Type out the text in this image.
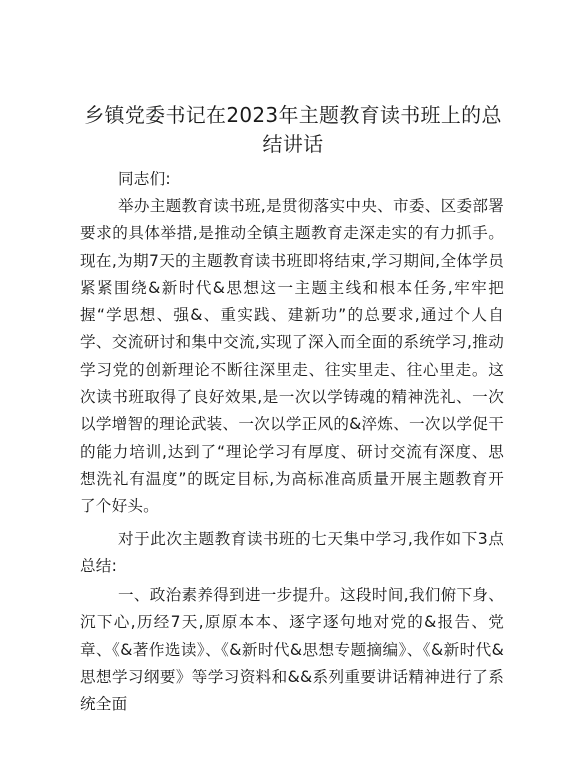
乡镇党委书记在2023年主题教育读书班上的总结讲话

同志们:

举办主题教育读书班,是贯彻落实中央、市委、区委部署要求的具体举措,是推动全镇主题教育走深走实的有力抓手。现在,为期7天的主题教育读书班即将结束,学习期间,全体学员紧紧围绕&新时代&思想这一主题主线和根本任务,牢牢把握“学思想、强&、重实践、建新功”的总要求,通过个人自学、交流研讨和集中交流,实现了深入而全面的系统学习,推动学习党的创新理论不断往深里走、往实里走、往心里走。这次读书班取得了良好效果,是一次以学铸魂的精神洗礼、一次以学增智的理论武装、一次以学正风的&淬炼、一次以学促干的能力培训,达到了“理论学习有厚度、研讨交流有深度、思想洗礼有温度”的既定目标,为高标准高质量开展主题教育开了个好头。

对于此次主题教育读书班的七天集中学习,我作如下3点总结:

一、政治素养得到进一步提升。这段时间,我们俯下身、沉下心,历经7天,原原本本、逐字逐句地对党的&报告、党章、《&著作选读》、《&新时代&思想专题摘编》、《&新时代&思想学习纲要》等学习资料和&&系列重要讲话精神进行了系统全面
